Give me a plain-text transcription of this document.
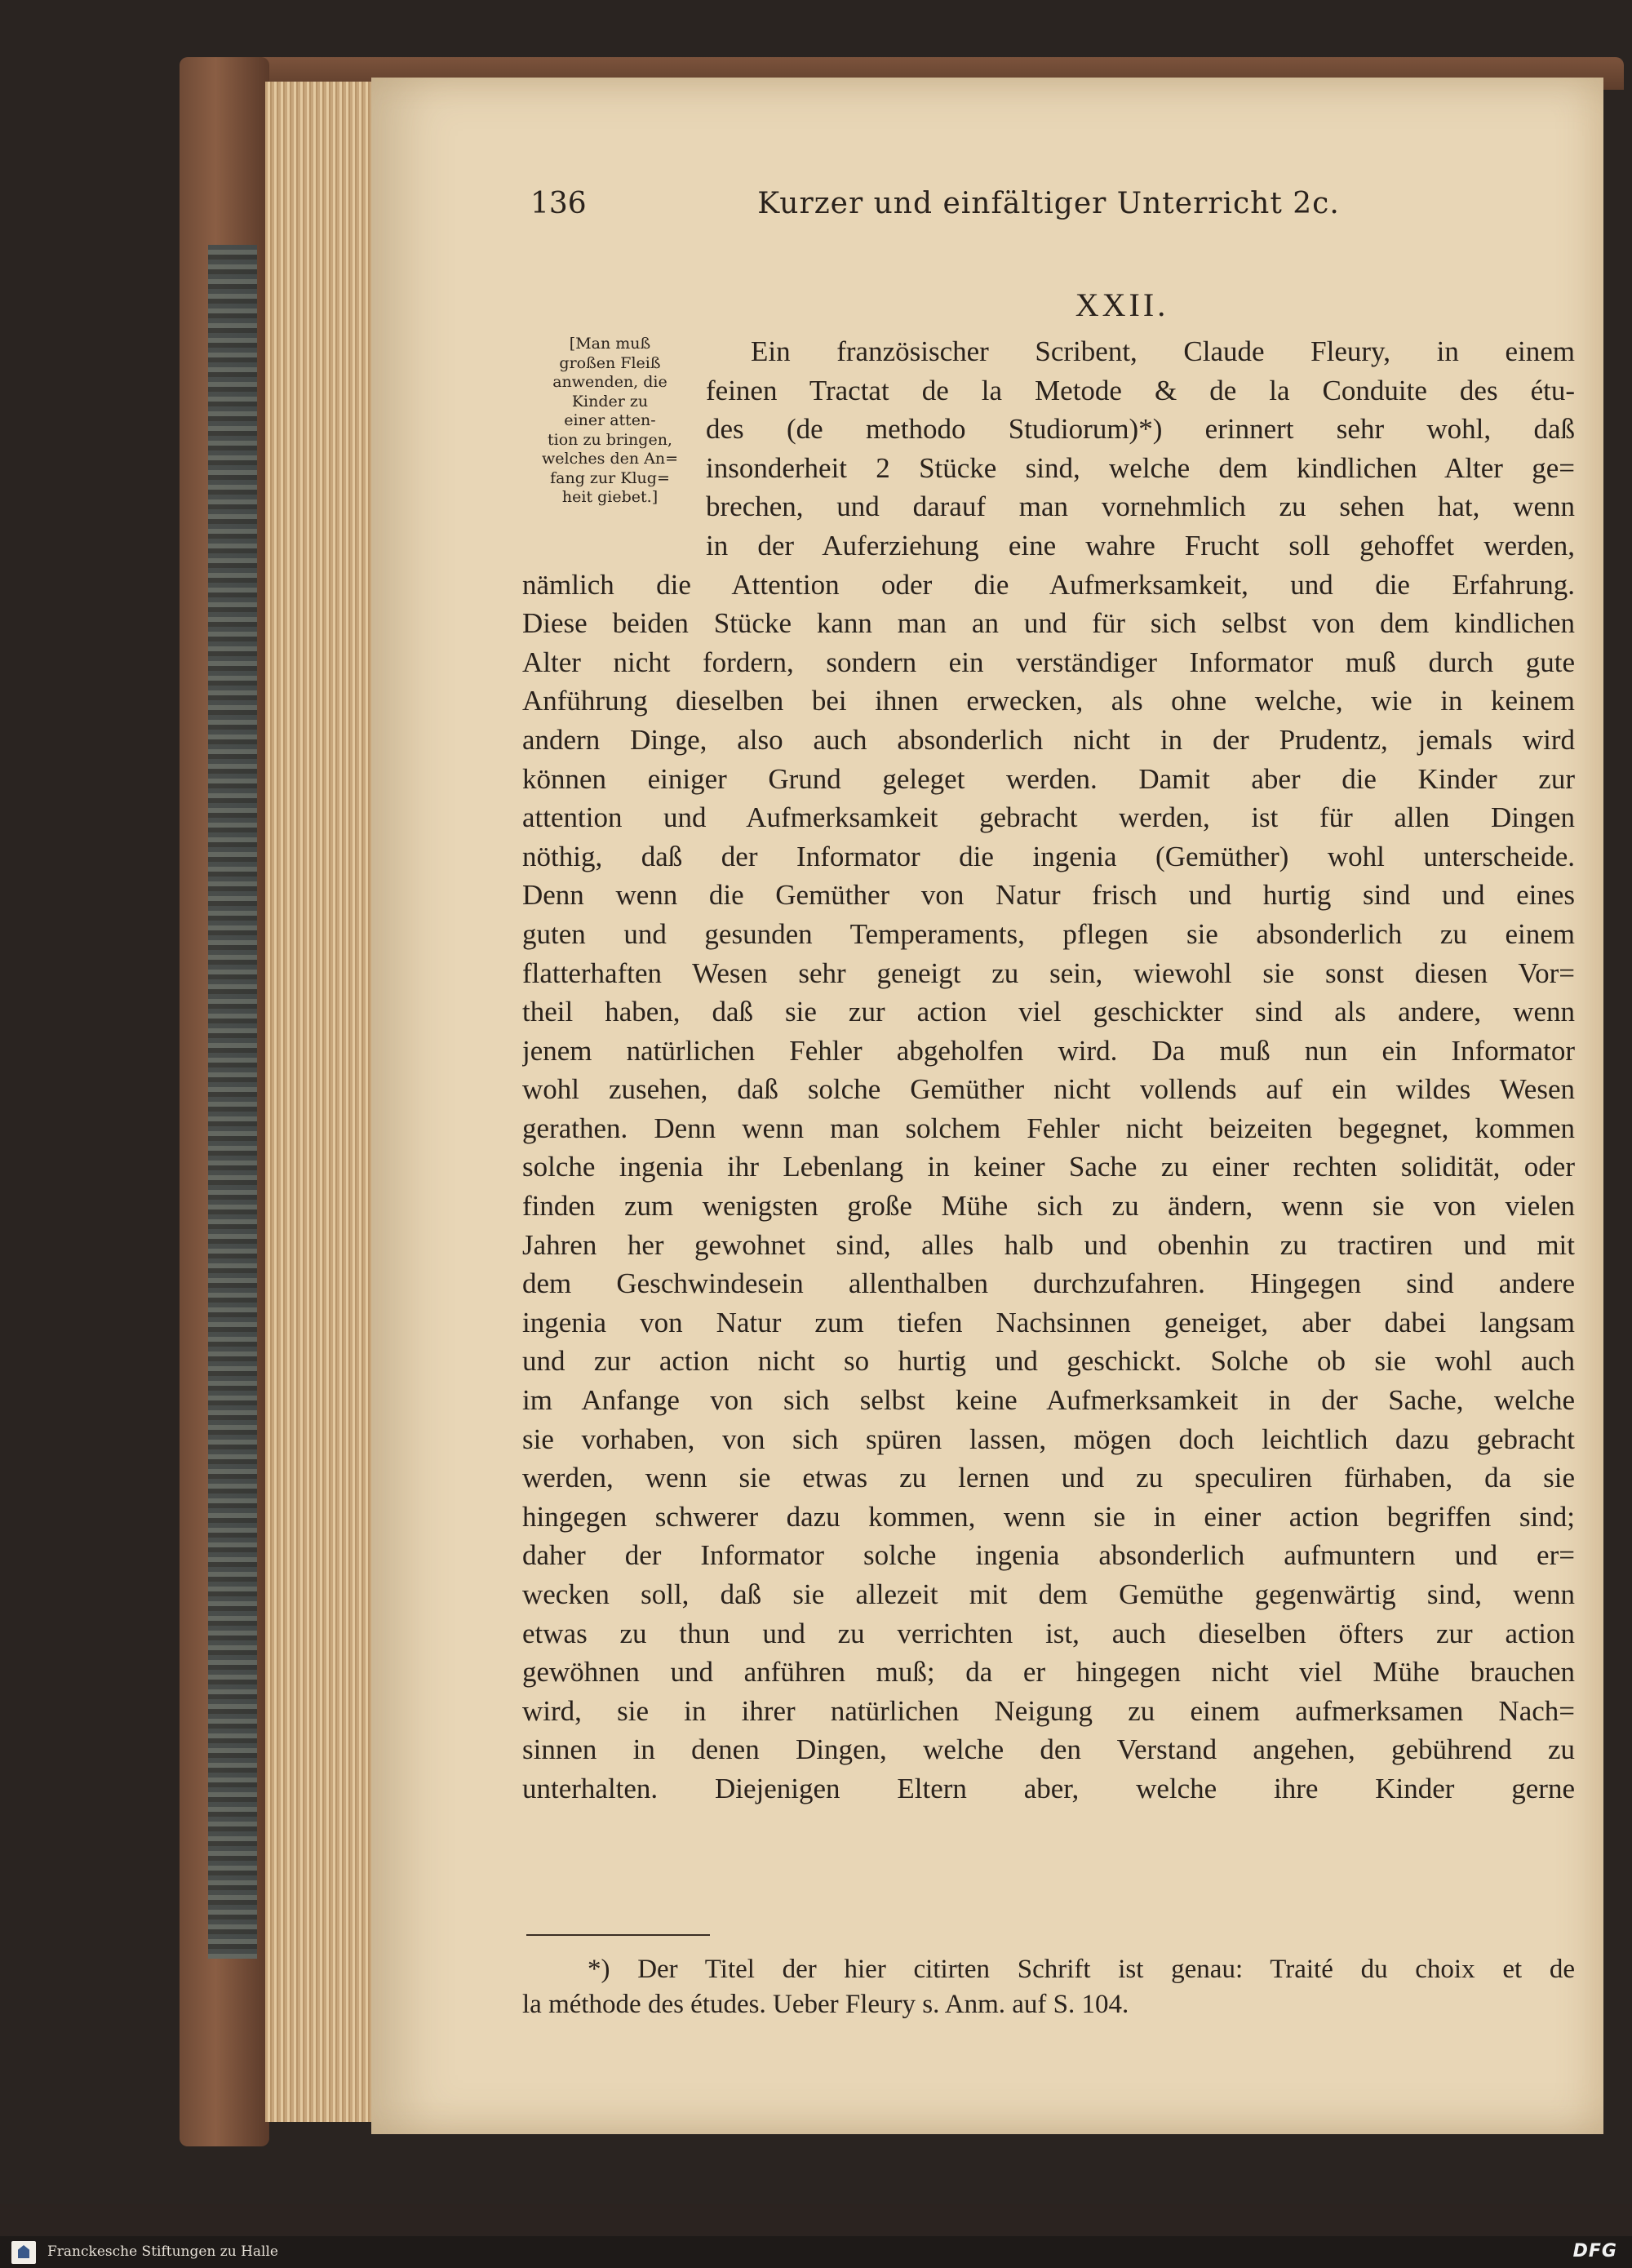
136	Kurzer und einfältiger Unterricht 2c.
XXII.
[Man muß
großen Fleiß
anwenden, die
Kinder zu
einer atten-
tion zu bringen,
welches den An=
fang zur Klug=
heit giebet.]
Ein französischer Scribent, Claude Fleury, in einem
feinen Tractat de la Metode & de la Conduite des étu-
des (de methodo Studiorum)*) erinnert sehr wohl, daß
insonderheit 2 Stücke sind, welche dem kindlichen Alter ge=
brechen, und darauf man vornehmlich zu sehen hat, wenn
in der Auferziehung eine wahre Frucht soll gehoffet werden,
nämlich die Attention oder die Aufmerksamkeit, und die Erfahrung.
Diese beiden Stücke kann man an und für sich selbst von dem kindlichen
Alter nicht fordern, sondern ein verständiger Informator muß durch gute
Anführung dieselben bei ihnen erwecken, als ohne welche, wie in keinem
andern Dinge, also auch absonderlich nicht in der Prudentz, jemals wird
können einiger Grund geleget werden. Damit aber die Kinder zur
attention und Aufmerksamkeit gebracht werden, ist für allen Dingen
nöthig, daß der Informator die ingenia (Gemüther) wohl unterscheide.
Denn wenn die Gemüther von Natur frisch und hurtig sind und eines
guten und gesunden Temperaments, pflegen sie absonderlich zu einem
flatterhaften Wesen sehr geneigt zu sein, wiewohl sie sonst diesen Vor=
theil haben, daß sie zur action viel geschickter sind als andere, wenn
jenem natürlichen Fehler abgeholfen wird. Da muß nun ein Informator
wohl zusehen, daß solche Gemüther nicht vollends auf ein wildes Wesen
gerathen. Denn wenn man solchem Fehler nicht beizeiten begegnet, kommen
solche ingenia ihr Lebenlang in keiner Sache zu einer rechten solidität, oder
finden zum wenigsten große Mühe sich zu ändern, wenn sie von vielen
Jahren her gewohnet sind, alles halb und obenhin zu tractiren und mit
dem Geschwindesein allenthalben durchzufahren. Hingegen sind andere
ingenia von Natur zum tiefen Nachsinnen geneiget, aber dabei langsam
und zur action nicht so hurtig und geschickt. Solche ob sie wohl auch
im Anfange von sich selbst keine Aufmerksamkeit in der Sache, welche
sie vorhaben, von sich spüren lassen, mögen doch leichtlich dazu gebracht
werden, wenn sie etwas zu lernen und zu speculiren fürhaben, da sie
hingegen schwerer dazu kommen, wenn sie in einer action begriffen sind;
daher der Informator solche ingenia absonderlich aufmuntern und er=
wecken soll, daß sie allezeit mit dem Gemüthe gegenwärtig sind, wenn
etwas zu thun und zu verrichten ist, auch dieselben öfters zur action
gewöhnen und anführen muß; da er hingegen nicht viel Mühe brauchen
wird, sie in ihrer natürlichen Neigung zu einem aufmerksamen Nach=
sinnen in denen Dingen, welche den Verstand angehen, gebührend zu
unterhalten. Diejenigen Eltern aber, welche ihre Kinder gerne
*) Der Titel der hier citirten Schrift ist genau: Traité du choix et de
la méthode des études. Ueber Fleury s. Anm. auf S. 104.
Franckesche Stiftungen zu Halle	DFG
